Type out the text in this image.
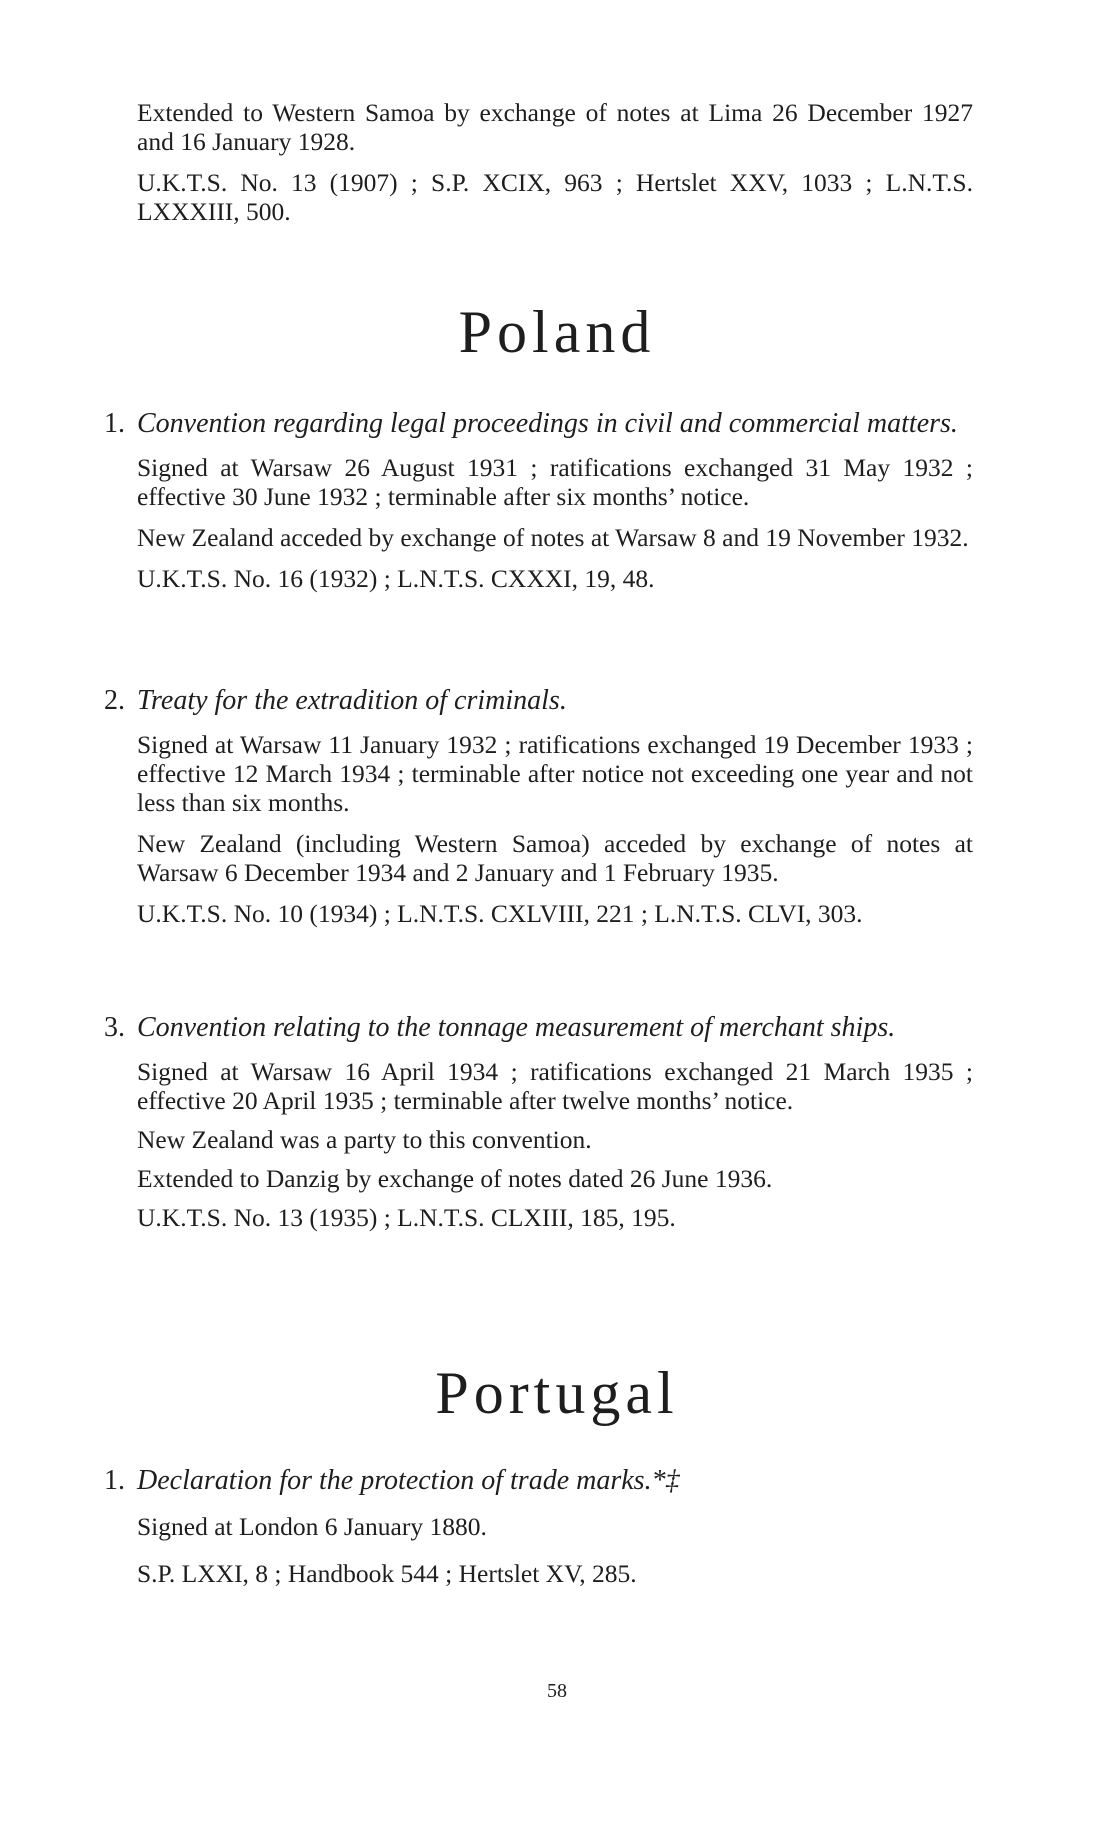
Extended to Western Samoa by exchange of notes at Lima 26 December 1927 and 16 January 1928.

U.K.T.S. No. 13 (1907) ; S.P. XCIX, 963 ; Hertslet XXV, 1033 ; L.N.T.S. LXXXIII, 500.

Poland
1. Convention regarding legal proceedings in civil and commercial matters.

Signed at Warsaw 26 August 1931 ; ratifications exchanged 31 May 1932 ; effective 30 June 1932 ; terminable after six months’ notice.

New Zealand acceded by exchange of notes at Warsaw 8 and 19 November 1932.

U.K.T.S. No. 16 (1932) ; L.N.T.S. CXXXI, 19, 48.

2. Treaty for the extradition of criminals.

Signed at Warsaw 11 January 1932 ; ratifications exchanged 19 December 1933 ; effective 12 March 1934 ; terminable after notice not exceeding one year and not less than six months.

New Zealand (including Western Samoa) acceded by exchange of notes at Warsaw 6 December 1934 and 2 January and 1 February 1935.

U.K.T.S. No. 10 (1934) ; L.N.T.S. CXLVIII, 221 ; L.N.T.S. CLVI, 303.

3. Convention relating to the tonnage measurement of merchant ships.

Signed at Warsaw 16 April 1934 ; ratifications exchanged 21 March 1935 ; effective 20 April 1935 ; terminable after twelve months’ notice.

New Zealand was a party to this convention.

Extended to Danzig by exchange of notes dated 26 June 1936.

U.K.T.S. No. 13 (1935) ; L.N.T.S. CLXIII, 185, 195.

Portugal
1. Declaration for the protection of trade marks.*‡

Signed at London 6 January 1880.

S.P. LXXI, 8 ; Handbook 544 ; Hertslet XV, 285.

58
